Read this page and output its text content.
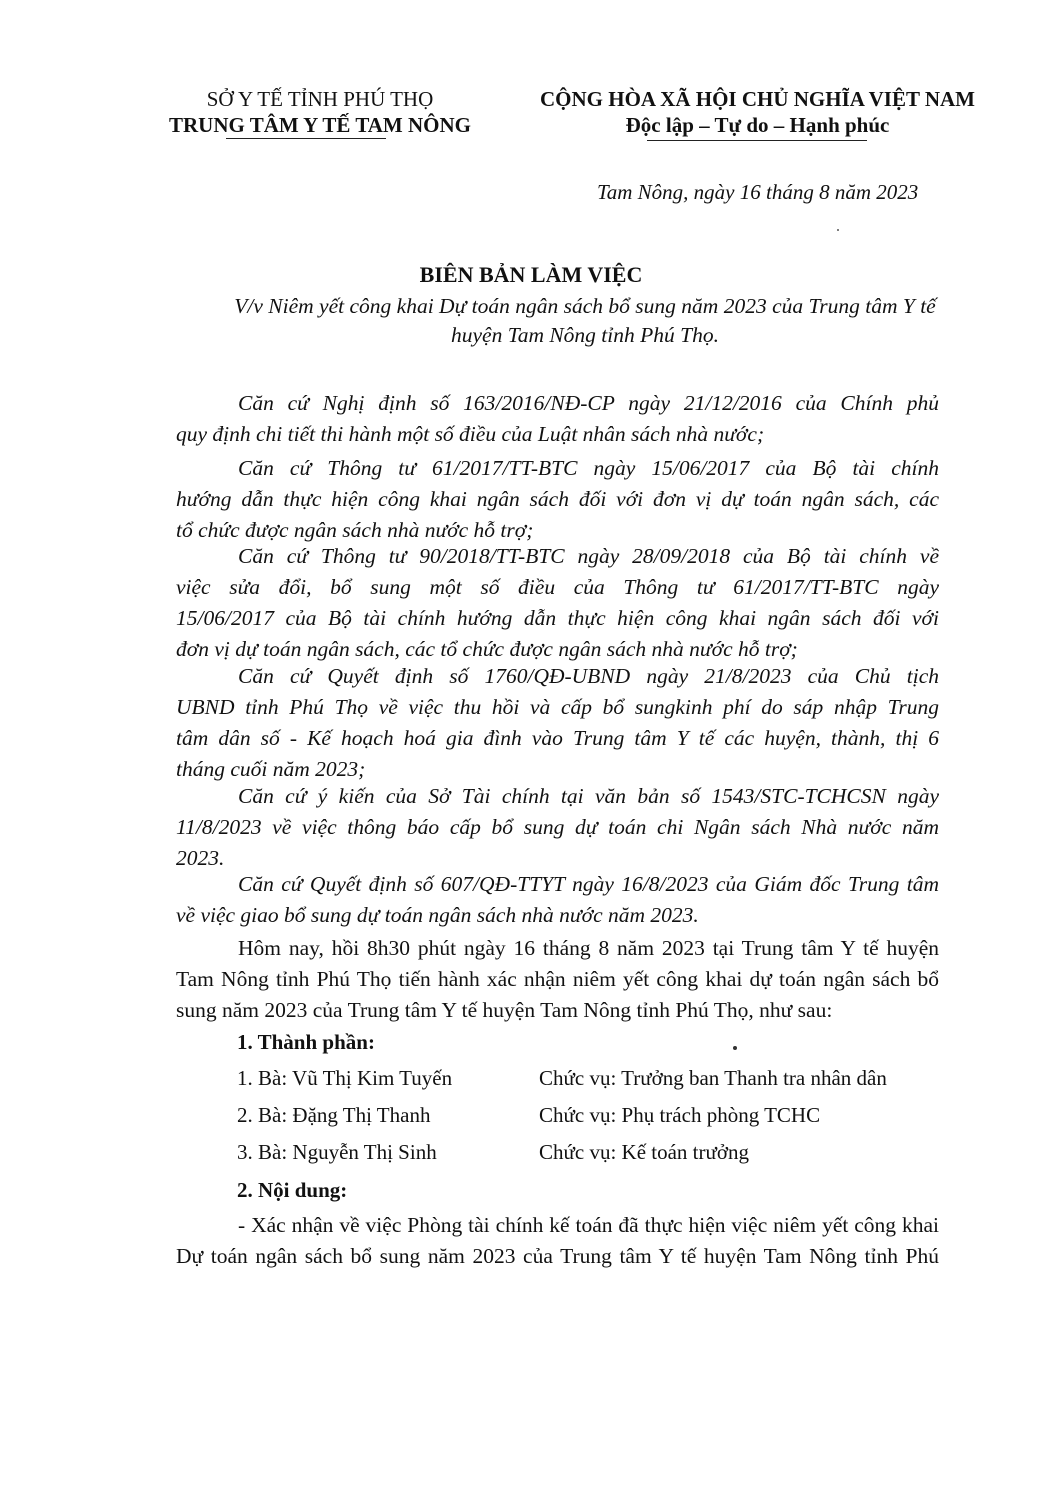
SỞ Y TẾ TỈNH PHÚ THỌ
TRUNG TÂM Y TẾ TAM NÔNG
CỘNG HÒA XÃ HỘI CHỦ NGHĨA VIỆT NAM
Độc lập – Tự do – Hạnh phúc
Tam Nông, ngày 16 tháng 8 năm 2023
BIÊN BẢN LÀM VIỆC
V/v Niêm yết công khai Dự toán ngân sách bổ sung năm 2023 của Trung tâm Y tế huyện Tam Nông tỉnh Phú Thọ.
Căn cứ Nghị định số 163/2016/NĐ-CP ngày 21/12/2016 của Chính phủ
quy định chi tiết thi hành một số điều của Luật nhân sách nhà nước;
Căn cứ Thông tư 61/2017/TT-BTC ngày 15/06/2017 của Bộ tài chính
hướng dẫn thực hiện công khai ngân sách đối với đơn vị dự toán ngân sách, các
tổ chức được ngân sách nhà nước hỗ trợ;
Căn cứ Thông tư 90/2018/TT-BTC ngày 28/09/2018 của Bộ tài chính về
việc sửa đổi, bổ sung một số điều của Thông tư 61/2017/TT-BTC ngày
15/06/2017 của Bộ tài chính hướng dẫn thực hiện công khai ngân sách đối với
đơn vị dự toán ngân sách, các tổ chức được ngân sách nhà nước hỗ trợ;
Căn cứ Quyết định số 1760/QĐ-UBND ngày 21/8/2023 của Chủ tịch
UBND tỉnh Phú Thọ về việc thu hồi và cấp bổ sungkinh phí do sáp nhập Trung
tâm dân số - Kế hoạch hoá gia đình vào Trung tâm Y tế các huyện, thành, thị 6
tháng cuối năm 2023;
Căn cứ ý kiến của Sở Tài chính tại văn bản số 1543/STC-TCHCSN ngày
11/8/2023 về việc thông báo cấp bổ sung dự toán chi Ngân sách Nhà nước năm
2023.
Căn cứ Quyết định số 607/QĐ-TTYT ngày 16/8/2023 của Giám đốc Trung tâm
về việc giao bổ sung dự toán ngân sách nhà nước năm 2023.
Hôm nay, hồi 8h30 phút ngày 16 tháng 8 năm 2023 tại Trung tâm Y tế huyện
Tam Nông tỉnh Phú Thọ tiến hành xác nhận niêm yết công khai dự toán ngân sách bổ
sung năm 2023 của Trung tâm Y tế huyện Tam Nông tỉnh Phú Thọ, như sau:
1. Thành phần:
1. Bà: Vũ Thị Kim Tuyến	Chức vụ: Trưởng ban Thanh tra nhân dân
2. Bà: Đặng Thị Thanh	Chức vụ: Phụ trách phòng TCHC
3. Bà: Nguyễn Thị Sinh	Chức vụ: Kế toán trưởng
2. Nội dung:
- Xác nhận về việc Phòng tài chính kế toán đã thực hiện việc niêm yết công khai
Dự toán ngân sách bổ sung năm 2023 của Trung tâm Y tế huyện Tam Nông tỉnh Phú
